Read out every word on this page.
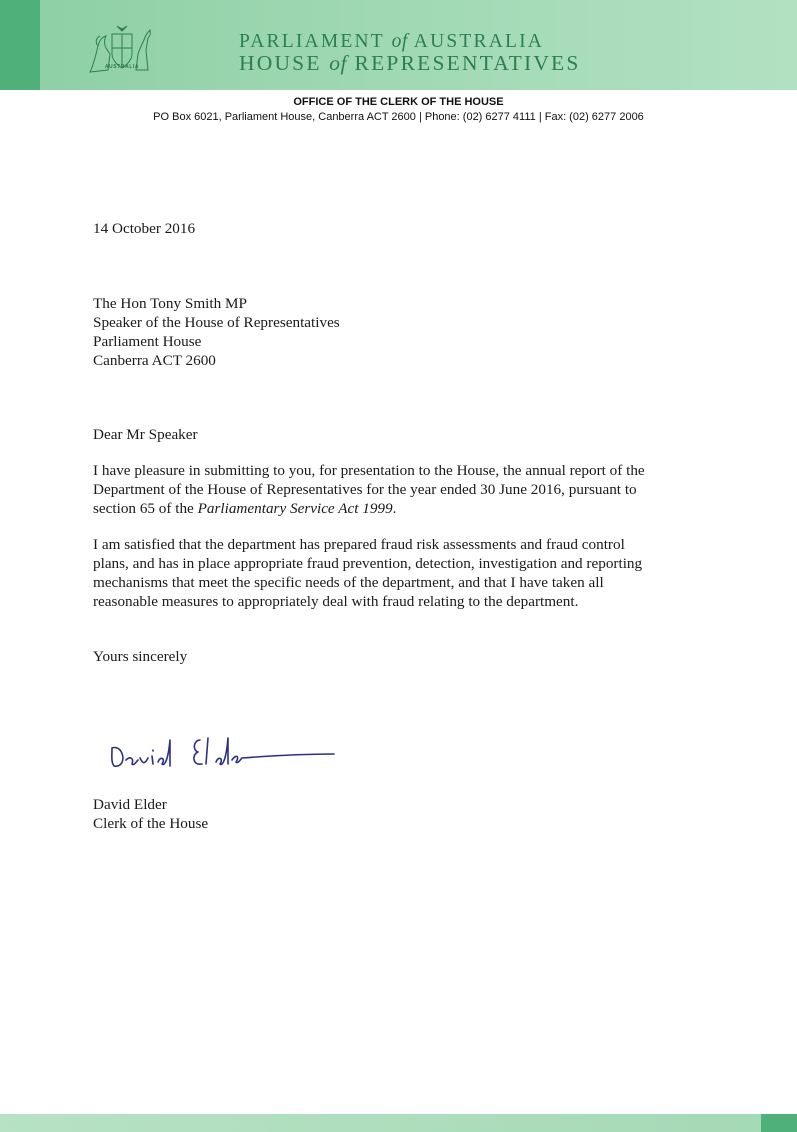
AUSTRALIA
PARLIAMENT of AUSTRALIA
HOUSE of REPRESENTATIVES
OFFICE OF THE CLERK OF THE HOUSE
PO Box 6021, Parliament House, Canberra ACT 2600 | Phone: (02) 6277 4111 | Fax: (02) 6277 2006
14 October 2016

The Hon Tony Smith MP

Speaker of the House of Representatives

Parliament House

Canberra ACT 2600

Dear Mr Speaker

I have pleasure in submitting to you, for presentation to the House, the annual report of the

Department of the House of Representatives for the year ended 30 June 2016, pursuant to

section 65 of the Parliamentary Service Act 1999.

I am satisfied that the department has prepared fraud risk assessments and fraud control

plans, and has in place appropriate fraud prevention, detection, investigation and reporting

mechanisms that meet the specific needs of the department, and that I have taken all

reasonable measures to appropriately deal with fraud relating to the department.

Yours sincerely

David Elder

Clerk of the House
